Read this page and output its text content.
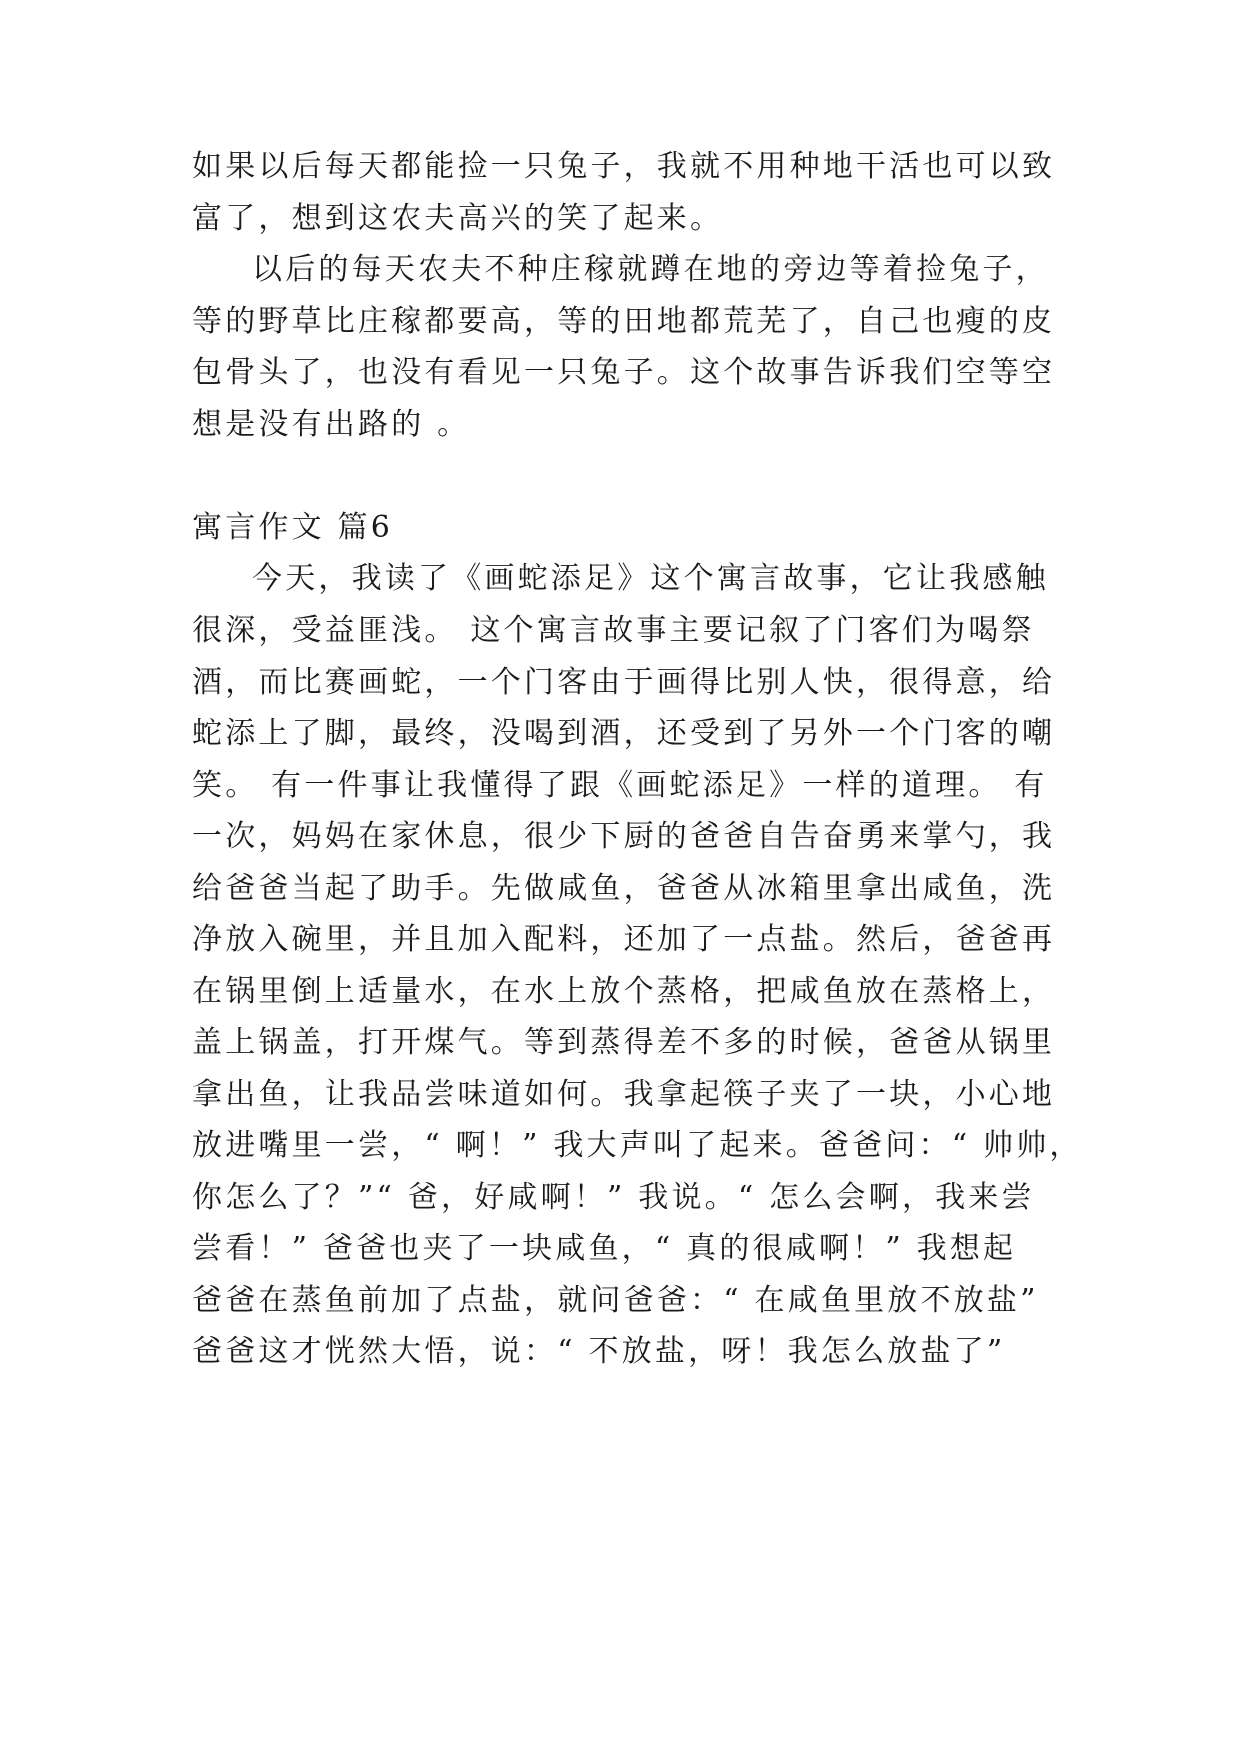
如果以后每天都能捡一只兔子，我就不用种地干活也可以致
富了，想到这农夫高兴的笑了起来。
以后的每天农夫不种庄稼就蹲在地的旁边等着捡兔子，
等的野草比庄稼都要高，等的田地都荒芜了，自己也瘦的皮
包骨头了，也没有看见一只兔子。这个故事告诉我们空等空
想是没有出路的 。
寓言作文 篇6
今天，我读了《画蛇添足》这个寓言故事，它让我感触
很深，受益匪浅。 这个寓言故事主要记叙了门客们为喝祭
酒，而比赛画蛇，一个门客由于画得比别人快，很得意，给
蛇添上了脚，最终，没喝到酒，还受到了另外一个门客的嘲
笑。 有一件事让我懂得了跟《画蛇添足》一样的道理。 有
一次，妈妈在家休息，很少下厨的爸爸自告奋勇来掌勺，我
给爸爸当起了助手。先做咸鱼，爸爸从冰箱里拿出咸鱼，洗
净放入碗里，并且加入配料，还加了一点盐。然后，爸爸再
在锅里倒上适量水，在水上放个蒸格，把咸鱼放在蒸格上，
盖上锅盖，打开煤气。等到蒸得差不多的时候，爸爸从锅里
拿出鱼，让我品尝味道如何。我拿起筷子夹了一块，小心地
放进嘴里一尝，“ 啊！” 我大声叫了起来。爸爸问：“ 帅帅，
你怎么了？”“ 爸，好咸啊！” 我说。“ 怎么会啊，我来尝
尝看！” 爸爸也夹了一块咸鱼，“ 真的很咸啊！” 我想起
爸爸在蒸鱼前加了点盐，就问爸爸：“ 在咸鱼里放不放盐”
爸爸这才恍然大悟，说：“ 不放盐，呀！我怎么放盐了”
